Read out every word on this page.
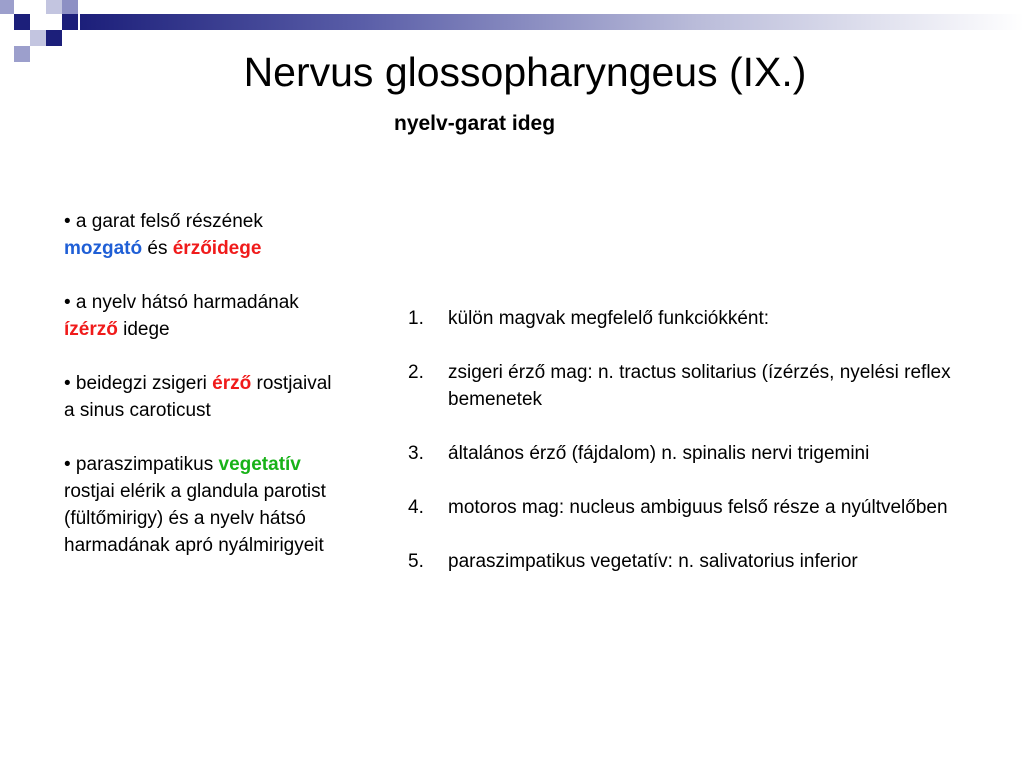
Nervus glossopharyngeus (IX.)
nyelv-garat ideg

• a garat felső részének mozgató és érzőidege

• a nyelv hátsó harmadának ízérző idege

• beidegzi zsigeri érző rostjaival a sinus caroticust

• paraszimpatikus vegetatív rostjai elérik a glandula parotist (fültőmirigy) és a nyelv hátsó harmadának apró nyálmirigyeit

1.	külön magvak megfelelő funkciókként:
2.	zsigeri érző mag: n. tractus solitarius (ízérzés, nyelési reflex bemenetek
3.	általános érző (fájdalom) n. spinalis nervi trigemini
4.	motoros mag: nucleus ambiguus felső része a nyúltvelőben
5.	paraszimpatikus vegetatív: n. salivatorius inferior
